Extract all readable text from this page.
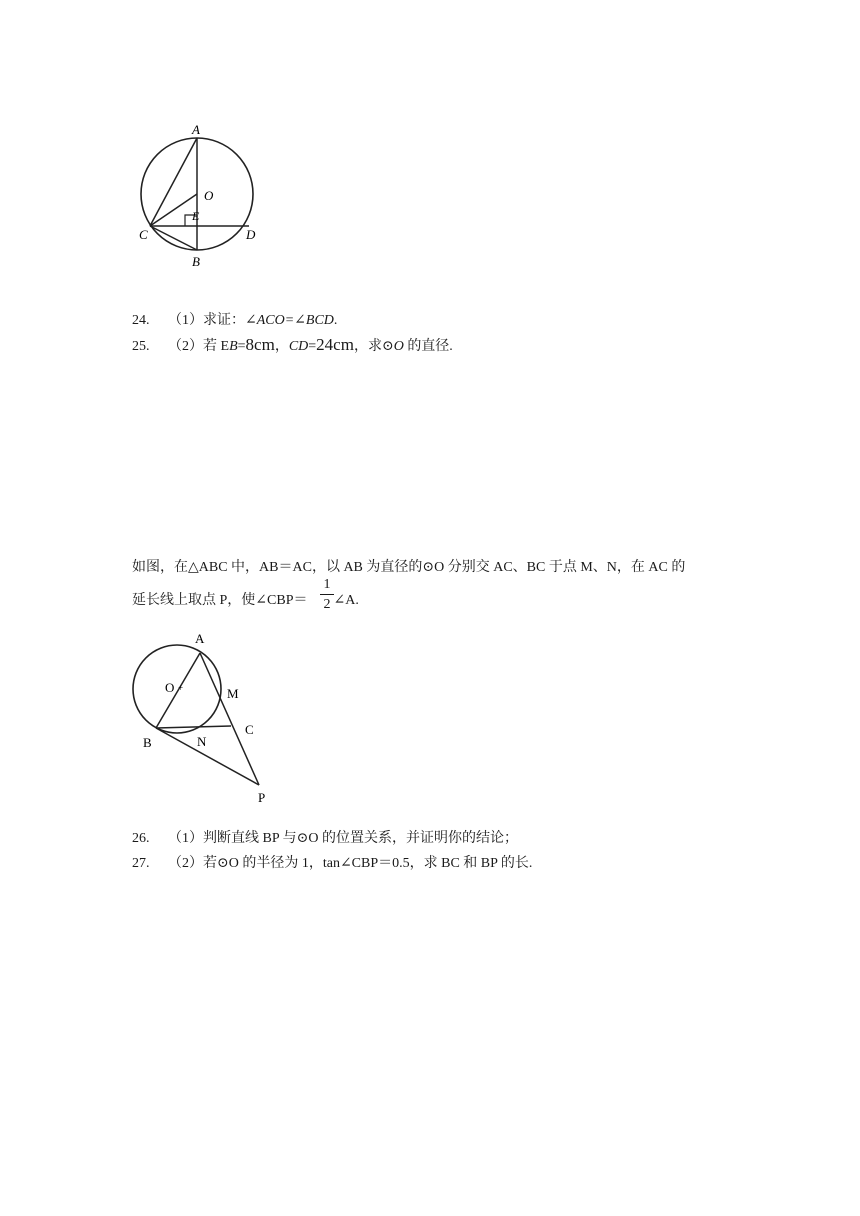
A
O
E
C	D
B
24. （1）求证：∠ACO=∠BCD.
25. （2）若 EB=8cm，CD=24cm，求⊙O 的直径.
如图，在△ABC 中，AB＝AC，以 AB 为直径的⊙O 分别交 AC、BC 于点 M、N，在 AC 的
延长线上取点 P，使∠CBP＝ ∠A.
1
2
A
O +	M
C
B	N
P
26. （1）判断直线 BP 与⊙O 的位置关系，并证明你的结论；
27. （2）若⊙O 的半径为 1，tan∠CBP＝0.5，求 BC 和 BP 的长.
